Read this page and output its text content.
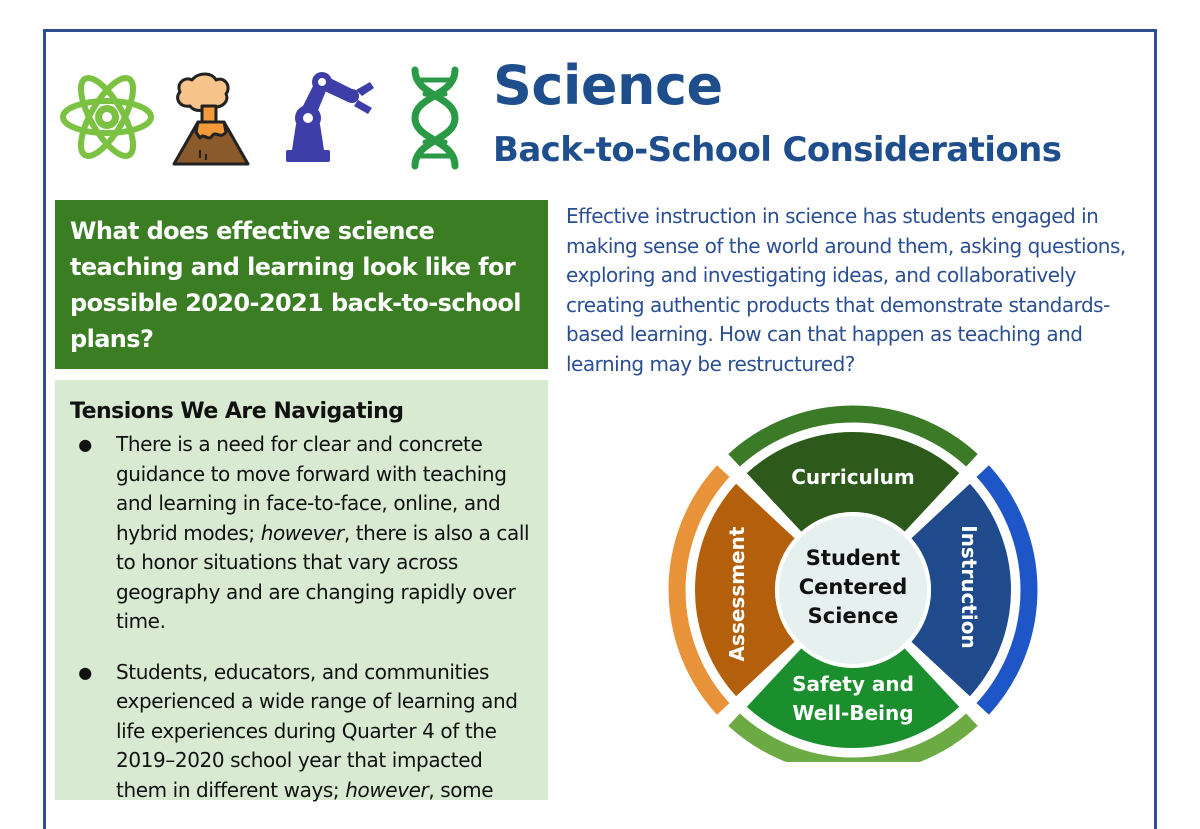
Science
Back-to-School Considerations

What does effective science teaching and learning look like for possible 2020-2021 back-to-school plans?

Effective instruction in science has students engaged in making sense of the world around them, asking questions, exploring and investigating ideas, and collaboratively creating authentic products that demonstrate standards-based learning. How can that happen as teaching and learning may be restructured?

Tensions We Are Navigating
●	There is a need for clear and concrete guidance to move forward with teaching and learning in face-to-face, online, and hybrid modes; however, there is also a call to honor situations that vary across geography and are changing rapidly over time.
●	Students, educators, and communities experienced a wide range of learning and life experiences during Quarter 4 of the 2019–2020 school year that impacted them in different ways; however, some
Curriculum
Instruction
Assessment
Safety and
Well-Being
Student
Centered
Science
